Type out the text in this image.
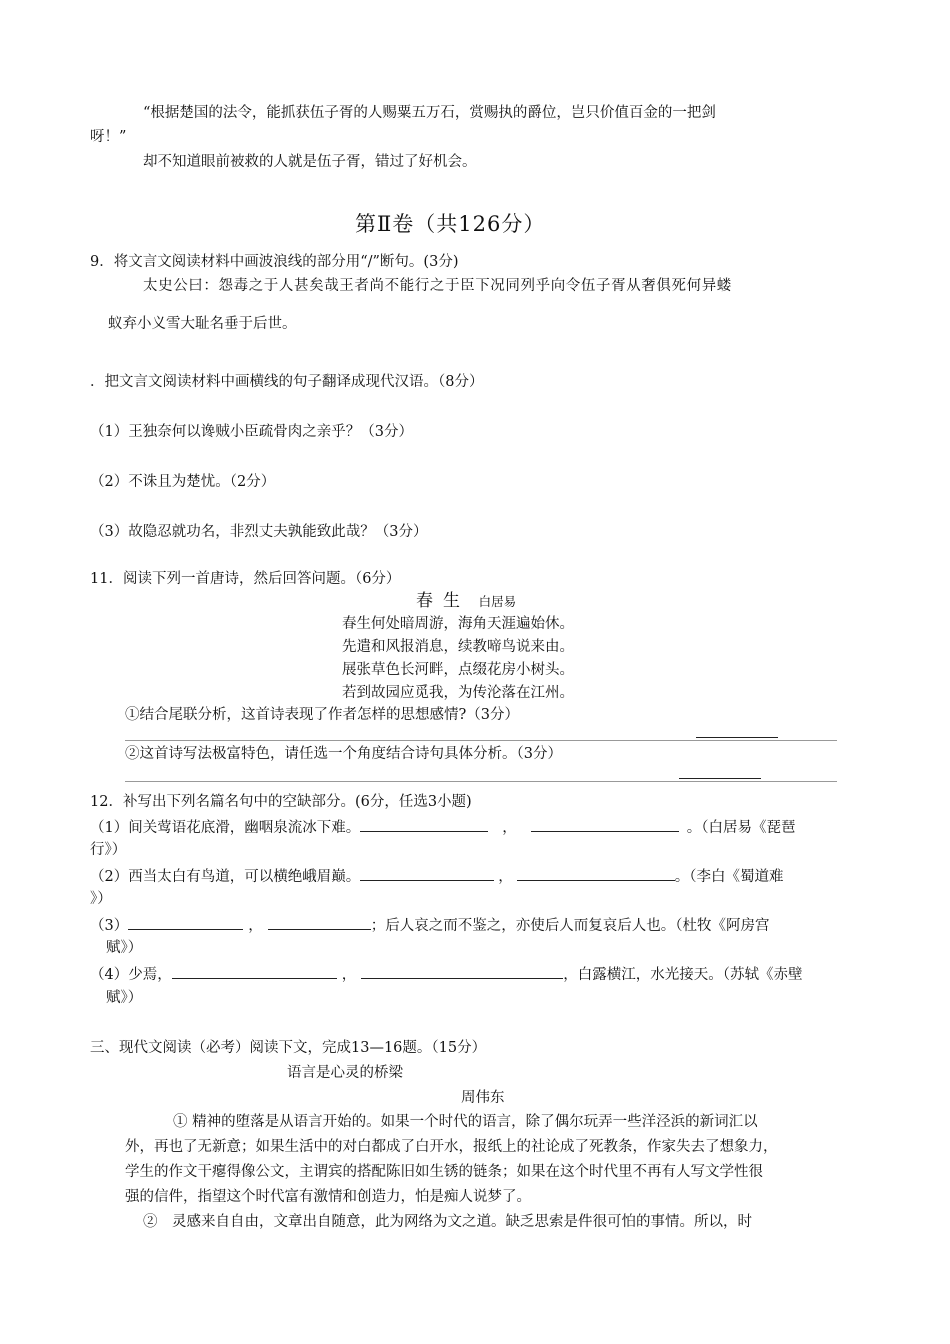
“根据楚国的法令，能抓获伍子胥的人赐粟五万石，赏赐执的爵位，岂只价值百金的一把剑
呀！”
却不知道眼前被救的人就是伍子胥，错过了好机会。
第Ⅱ卷（共126分）
9．将文言文阅读材料中画波浪线的部分用“/”断句。(3分)
太史公曰：怨毒之于人甚矣哉王者尚不能行之于臣下况同列乎向令伍子胥从奢俱死何异蝼
蚁弃小义雪大耻名垂于后世。
．把文言文阅读材料中画横线的句子翻译成现代汉语。（8分）
（1）王独奈何以谗贼小臣疏骨肉之亲乎？（3分）
（2）不诛且为楚忧。（2分）
（3）故隐忍就功名，非烈丈夫孰能致此哉？（3分）
11．阅读下列一首唐诗，然后回答问题。（6分）
春生 白居易
春生何处暗周游，海角天涯遍始休。
先遣和风报消息，续教啼鸟说来由。
展张草色长河畔，点缀花房小树头。
若到故园应觅我，为传沦落在江州。
①结合尾联分析，这首诗表现了作者怎样的思想感情?（3分）
②这首诗写法极富特色，请任选一个角度结合诗句具体分析。（3分）
12．补写出下列名篇名句中的空缺部分。(6分，任选3小题)
（1）间关莺语花底滑，幽咽泉流冰下难。	，	。（白居易《琵琶
行》）
（2）西当太白有鸟道，可以横绝峨眉巅。	，	。（李白《蜀道难
》）
（3）	，	；后人哀之而不鉴之，亦使后人而复哀后人也。（杜牧《阿房宫
赋》）
（4）少焉，	，	，白露横江，水光接天。（苏轼《赤壁
赋》）
三、现代文阅读（必考）阅读下文，完成13—16题。（15分）
语言是心灵的桥梁
周伟东
① 精神的堕落是从语言开始的。如果一个时代的语言，除了偶尔玩弄一些洋泾浜的新词汇以
外，再也了无新意；如果生活中的对白都成了白开水，报纸上的社论成了死教条，作家失去了想象力，
学生的作文干瘪得像公文，主谓宾的搭配陈旧如生锈的链条；如果在这个时代里不再有人写文学性很
强的信件，指望这个时代富有激情和创造力，怕是痴人说梦了。
②　灵感来自自由，文章出自随意，此为网络为文之道。缺乏思索是件很可怕的事情。所以，时
